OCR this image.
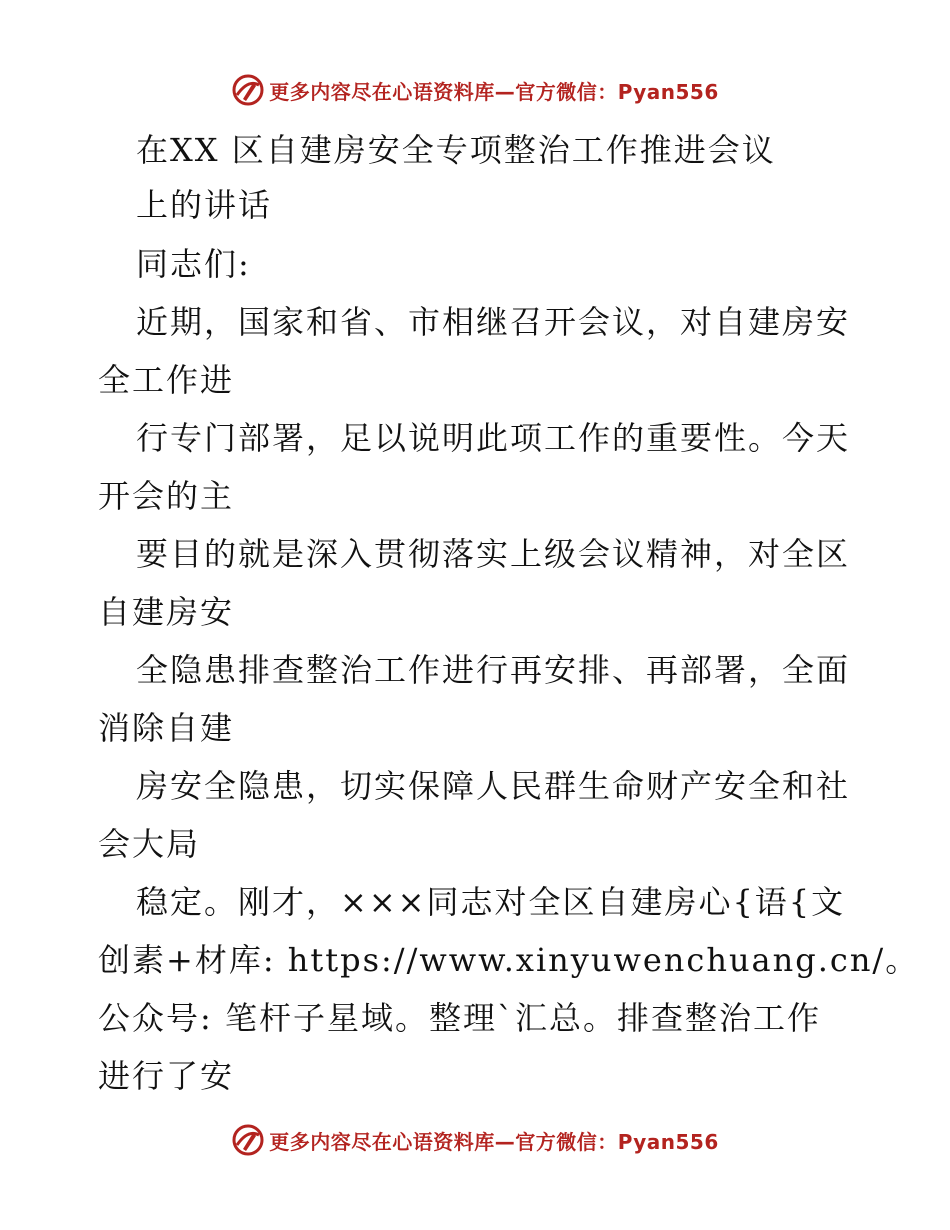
更多内容尽在心语资料库—官方微信：Pyan556
在XX 区自建房安全专项整治工作推进会议
上的讲话
同志们:
近期，国家和省、市相继召开会议，对自建房安
全工作进
行专门部署，足以说明此项工作的重要性。今天
开会的主
要目的就是深入贯彻落实上级会议精神，对全区
自建房安
全隐患排查整治工作进行再安排、再部署，全面
消除自建
房安全隐患，切实保障人民群生命财产安全和社
会大局
稳定。刚才，×××同志对全区自建房心{语{文
创素+材库: https://www.xinyuwenchuang.cn/。
公众号: 笔杆子星域。整理`汇总。排查整治工作
进行了安
更多内容尽在心语资料库—官方微信：Pyan556
